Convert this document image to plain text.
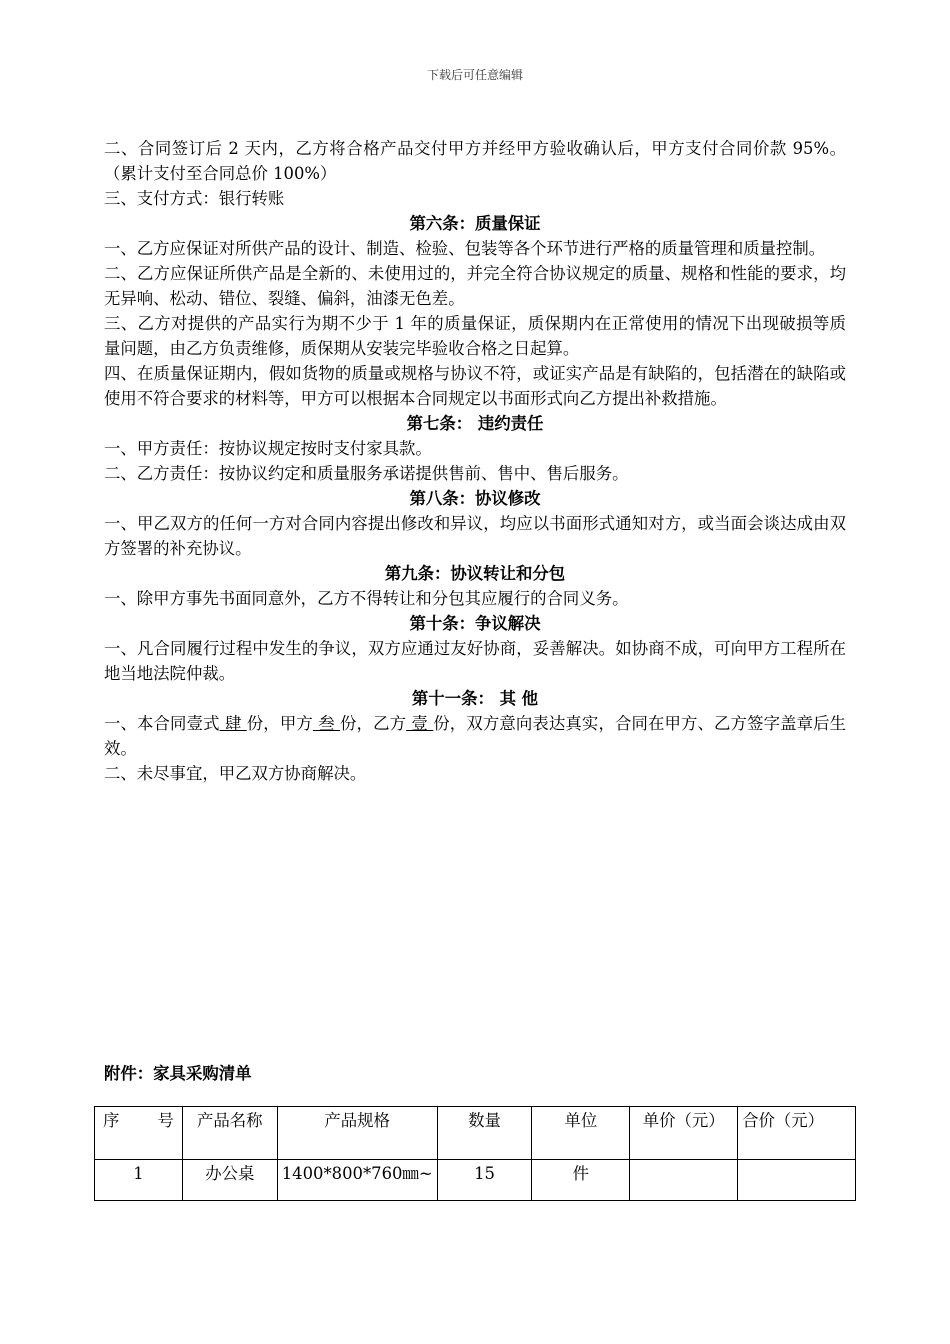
下载后可任意编辑

二、合同签订后 2 天内，乙方将合格产品交付甲方并经甲方验收确认后，甲方支付合同价款 95%。（累计支付至合同总价 100%）

三、支付方式：银行转账

第六条：质量保证

一、乙方应保证对所供产品的设计、制造、检验、包装等各个环节进行严格的质量管理和质量控制。

二、乙方应保证所供产品是全新的、未使用过的，并完全符合协议规定的质量、规格和性能的要求，均无异响、松动、错位、裂缝、偏斜，油漆无色差。

三、乙方对提供的产品实行为期不少于 1 年的质量保证，质保期内在正常使用的情况下出现破损等质量问题，由乙方负责维修，质保期从安装完毕验收合格之日起算。

四、在质量保证期内，假如货物的质量或规格与协议不符，或证实产品是有缺陷的，包括潜在的缺陷或使用不符合要求的材料等，甲方可以根据本合同规定以书面形式向乙方提出补救措施。

第七条： 违约责任

一、甲方责任：按协议规定按时支付家具款。

二、乙方责任：按协议约定和质量服务承诺提供售前、售中、售后服务。

第八条：协议修改

一、甲乙双方的任何一方对合同内容提出修改和异议，均应以书面形式通知对方，或当面会谈达成由双方签署的补充协议。

第九条：协议转让和分包

一、除甲方事先书面同意外，乙方不得转让和分包其应履行的合同义务。

第十条：争议解决

一、凡合同履行过程中发生的争议，双方应通过友好协商，妥善解决。如协商不成，可向甲方工程所在地当地法院仲裁。

第十一条： 其 他

一、本合同壹式 肆 份，甲方 叁 份，乙方 壹 份，双方意向表达真实，合同在甲方、乙方签字盖章后生效。

二、未尽事宜，甲乙双方协商解决。

附件：家具采购清单
序 号	产品名称	产品规格	数量	单位	单价（元）	合价（元）
1	办公桌	1400*800*760㎜~	15	件		
